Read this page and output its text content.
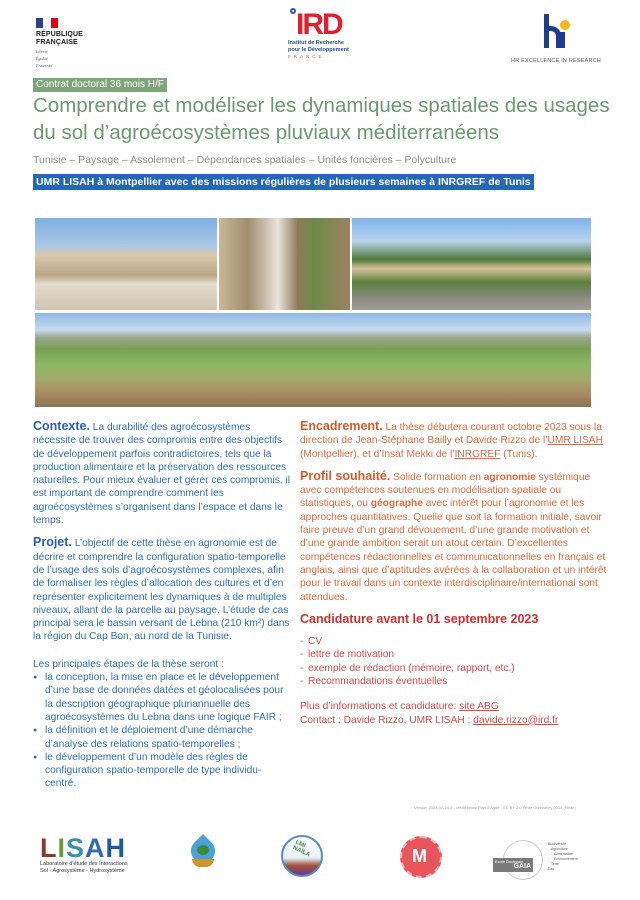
RÉPUBLIQUE
FRANÇAISE
Liberté
Égalité
Fraternité
IRD
Institut de Recherche
pour le Développement
FRANCE
HR EXCELLENCE IN RESEARCH
Contrat doctoral 36 mois H/F
Comprendre et modéliser les dynamiques spatiales des usages du sol d’agroécosystèmes pluviaux méditerranéens
Tunisie – Paysage – Assolement – Dépendances spatiales – Unités foncières – Polyculture
UMR LISAH à Montpellier avec des missions régulières de plusieurs semaines à INRGREF de Tunis

Contexte. La durabilité des agroécosystèmes nécessite de trouver des compromis entre des objectifs de développement parfois contradictoires, tels que la production alimentaire et la préservation des ressources naturelles. Pour mieux évaluer et gérer ces compromis, il est important de comprendre comment les agroécosystèmes s’organisent dans l’espace et dans le temps.

Projet. L’objectif de cette thèse en agronomie est de décrire et comprendre la configuration spatio-temporelle de l’usage des sols d’agroécosystèmes complexes, afin de formaliser les règles d’allocation des cultures et d’en représenter explicitement les dynamiques à de multiples niveaux, allant de la parcelle au paysage. L’étude de cas principal sera le bassin versant de Lebna (210 km²) dans la région du Cap Bon, au nord de la Tunisie.

Les principales étapes de la thèse seront :
● la conception, la mise en place et le développement d’une base de données datées et géolocalisées pour la description géographique pluriannuelle des agroécosystèmes du Lebna dans une logique FAIR ;
● la définition et le déploiement d’une démarche d’analyse des relations spatio-temporelles ;
● le développement d’un modèle des règles de configuration spatio-temporelle de type individu-centré.

Encadrement. La thèse débutera courant octobre 2023 sous la direction de Jean-Stéphane Bailly et Davide Rizzo de l’UMR LISAH (Montpellier), et d’Insaf Mekki de l’INRGREF (Tunis).

Profil souhaité. Solide formation en agronomie systémique avec compétences soutenues en modélisation spatiale ou statistiques, ou géographe avec intérêt pour l’agronomie et les approches quantitatives. Quelle que soit la formation initiale, savoir faire preuve d’un grand dévouement, d’une grande motivation et d’une grande ambition serait un atout certain. D’excellentes compétences rédactionnelles et communicationnelles en français et anglais, ainsi que d’aptitudes avérées à la collaboration et un intérêt pour le travail dans un contexte interdisciplinaire/international sont attendues.

Candidature avant le 01 septembre 2023

- CV
- lettre de motivation
- exemple de rédaction (mémoire, rapport, etc.)
- Recommandations éventuelles
Plus d’informations et candidature: site ABG
Contact : Davide Rizzo, UMR LISAH : davide.rizzo@ird.fr
Version 2023-07-24-3 - crédit photo Plan d'Agde : CC BY 2.0 Peter Curbishley 2014 (Flickr)
LISAH
Laboratoire d'étude des Interactions
Sol - Agrosystème - Hydrosystème
LMI NAÏLA	M	Ecole Doctorale
GAIA
Biodiversité
Agriculture
Alimentation
Environnement
Terre
Eau
